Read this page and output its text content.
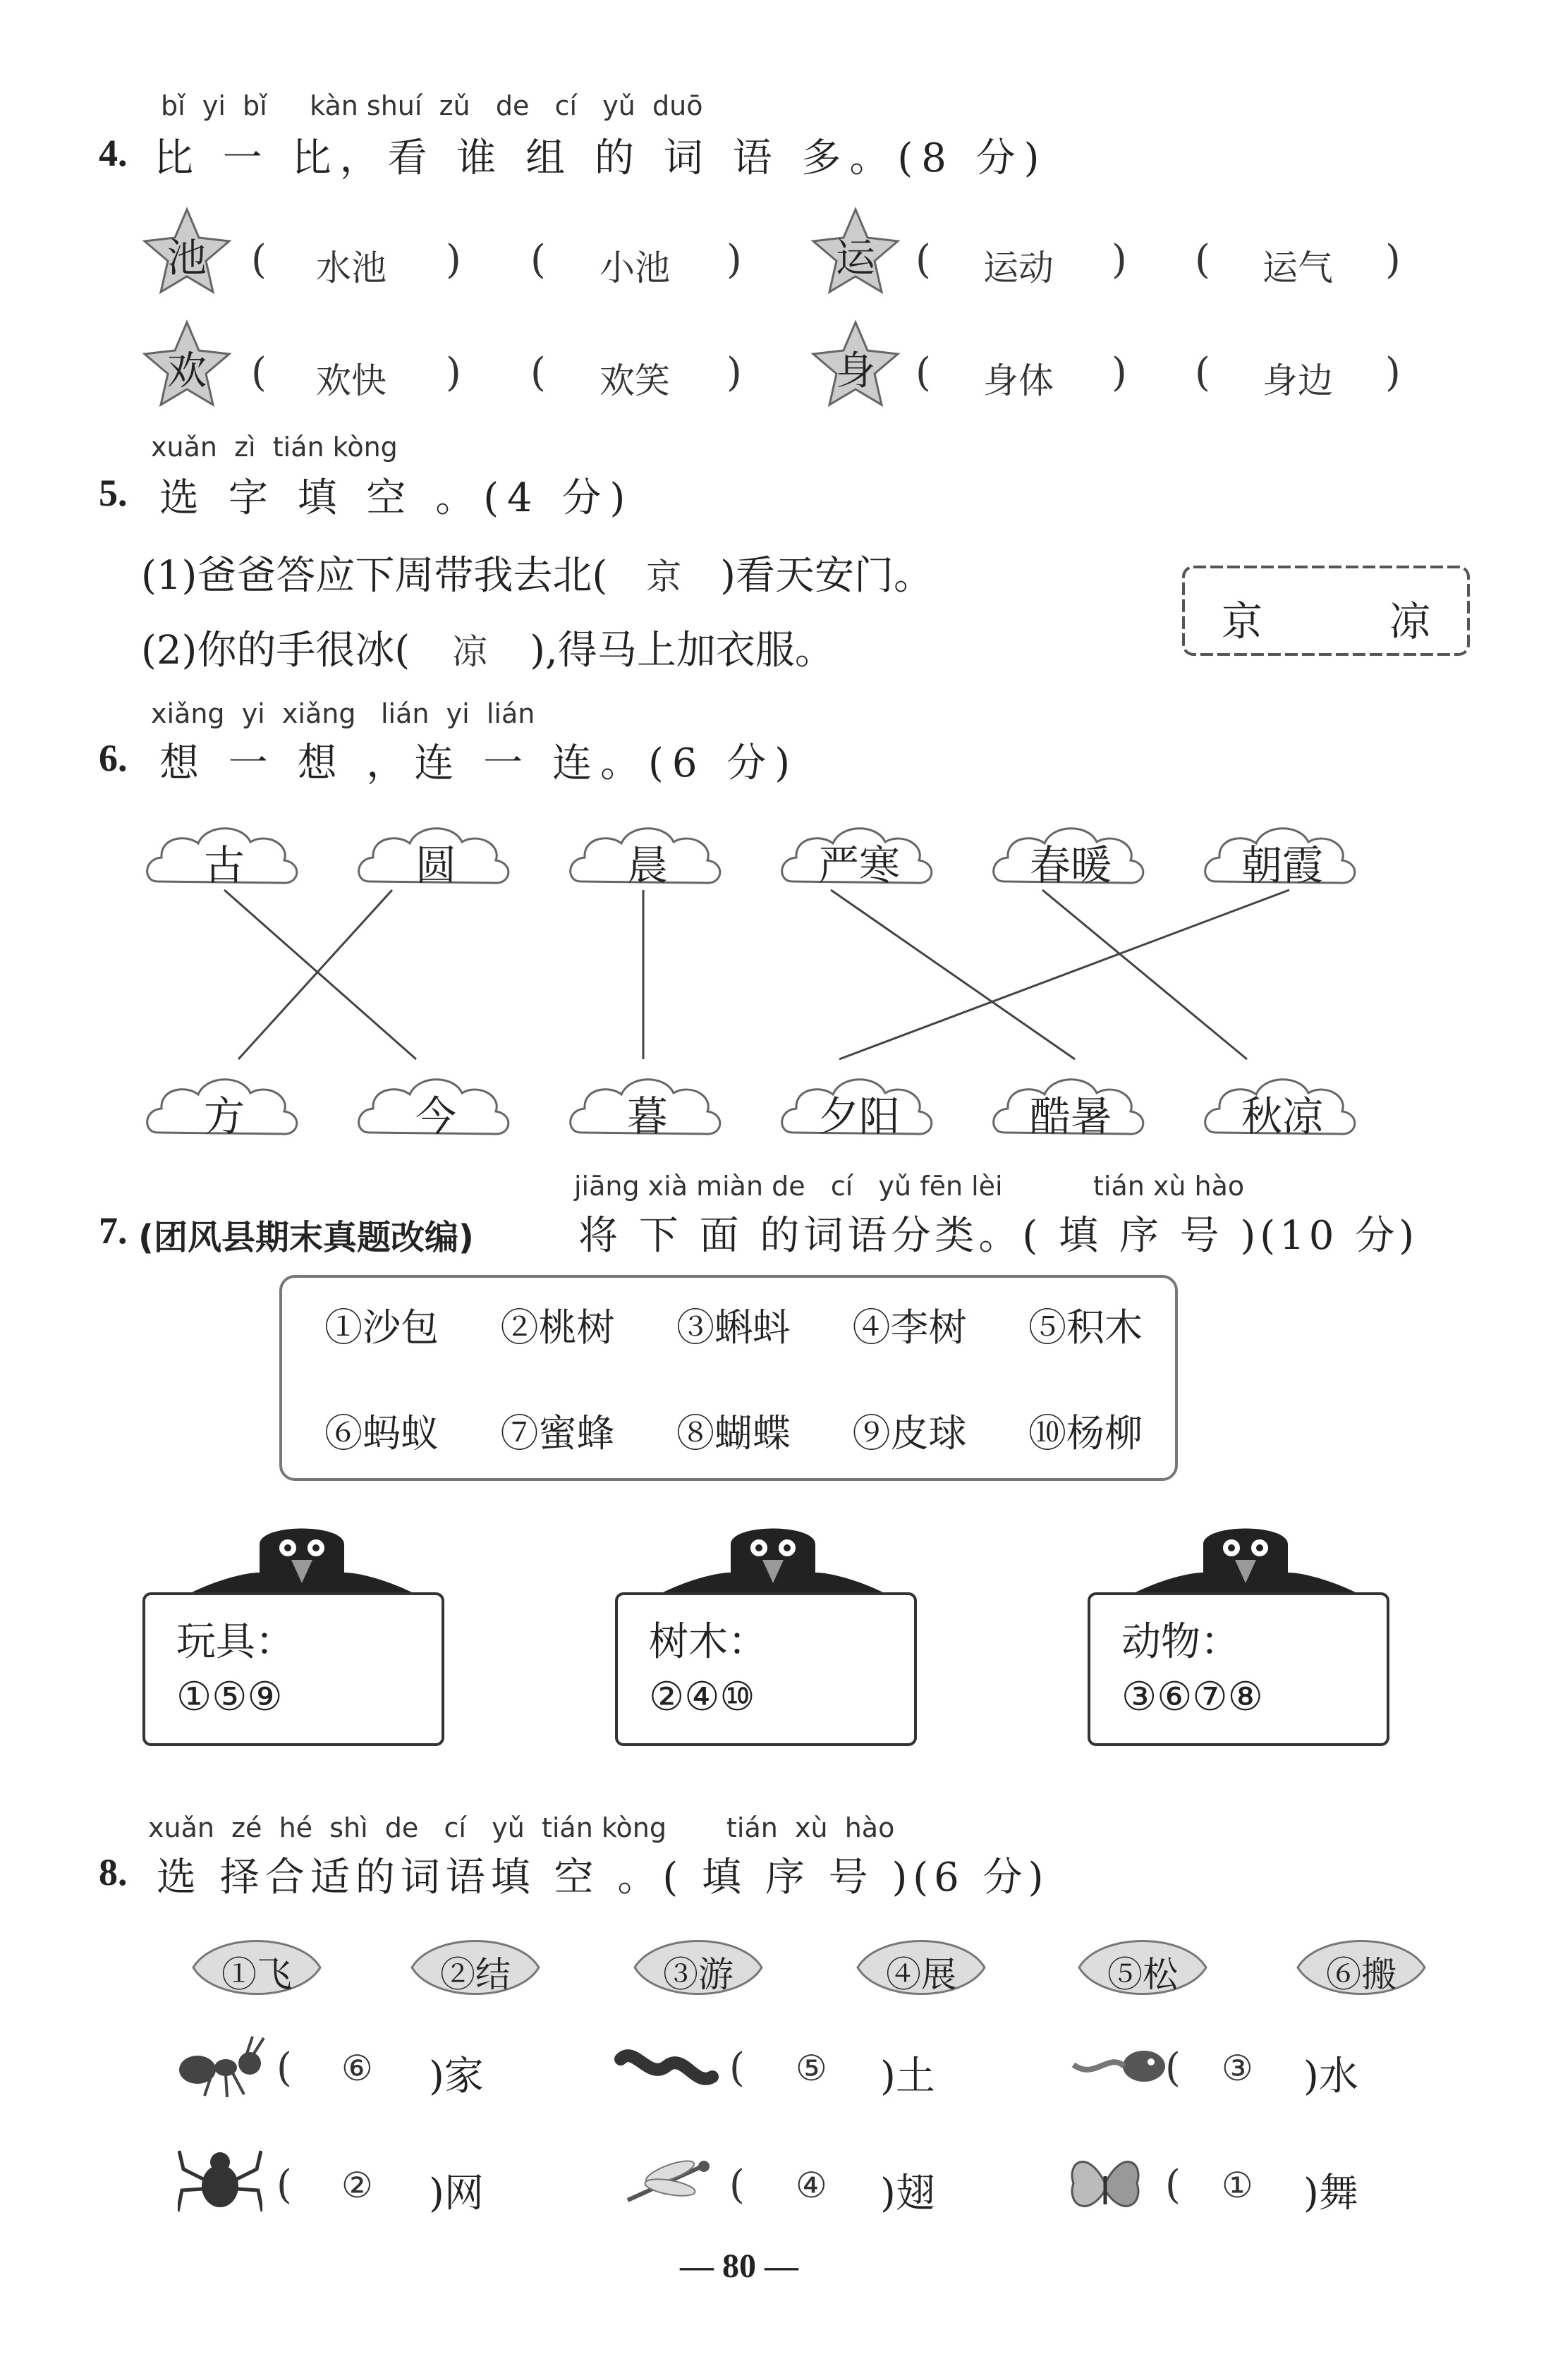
bǐ  yi  bǐ     kàn shuí  zǔ   de   cí   yǔ  duō
4. 比 一 比，看 谁 组 的 词 语 多。(8 分)
池	( 水池 ) ( 小池 )	运	( 运动 ) ( 运气 )
欢	( 欢快 ) ( 欢笑 )	身	( 身体 ) ( 身边 )
xuǎn  zì  tián kòng
5. 选 字 填 空 。(4 分)
(1)爸爸答应下周带我去北( 京 )看天安门。
(2)你的手很冰( 凉 ),得马上加衣服。
京	凉
xiǎng  yi  xiǎng lián  yi  lián
6. 想 一 想 ，连 一 连。(6 分)
古	圆	晨	严寒	春暖	朝霞
方	今	暮	夕阳	酷暑	秋凉
jiāng xià miàn de   cí   yǔ fēn lèi	tián xù hào
7. (团风县期末真题改编)	将 下 面 的词语分类。( 填 序 号 )(10 分)
①沙包 ②桃树 ③蝌蚪 ④李树 ⑤积木
⑥蚂蚁 ⑦蜜蜂 ⑧蝴蝶 ⑨皮球 ⑩杨柳
玩具：
①⑤⑨
树木：
②④⑩
动物：
③⑥⑦⑧
xuǎn  zé  hé  shì  de   cí   yǔ  tián kòng tián  xù  hào
8. 选 择合适的词语填 空 。( 填 序 号 )(6 分)
①飞	②结	③游	④展	⑤松	⑥搬
( ⑥ )家	( ⑤ )土	( ③ )水
( ② )网	( ④ )翅	( ① )舞
— 80 —
